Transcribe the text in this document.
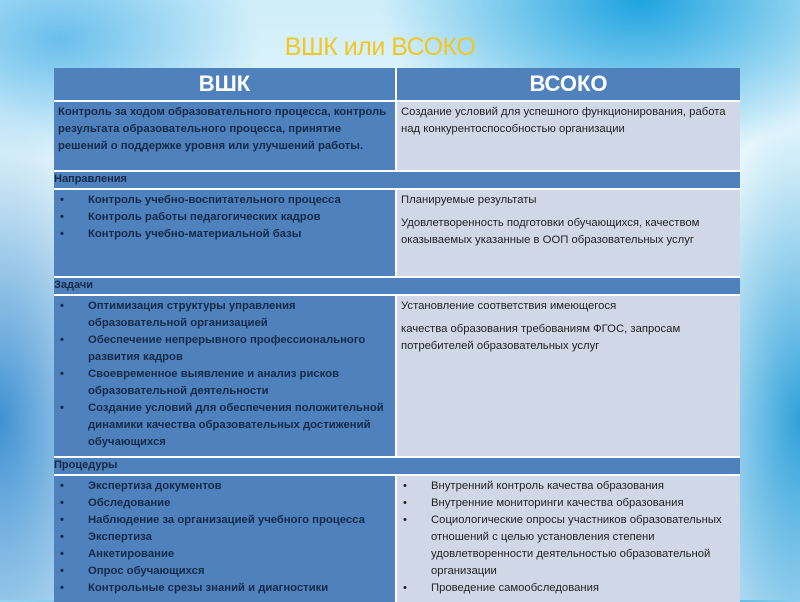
ВШК или ВСОКО
ВШК	ВСОКО
Контроль за ходом образовательного процесса, контроль результата образовательного процесса, принятие решений о поддержке уровня или улучшений работы.
Создание условий для успешного функционирования, работа над конкурентоспособностью организации
Направления
• Контроль учебно-воспитательного процесса
• Контроль работы педагогических кадров
• Контроль учебно-материальной базы

Планируемые результаты

Удовлетворенность подготовки обучающихся, качеством оказываемых указанные в ООП образовательных услуг

Задачи
• Оптимизация структуры управления образовательной организацией
• Обеспечение непрерывного профессионального развития кадров
• Своевременное выявление и анализ рисков образовательной деятельности
• Создание условий для обеспечения положительной динамики качества образовательных достижений обучающихся

Установление соответствия имеющегося

качества образования требованиям ФГОС, запросам потребителей образовательных услуг

Процедуры
• Экспертиза документов
• Обследование
• Наблюдение за организацией учебного процесса
• Экспертиза
• Анкетирование
• Опрос обучающихся
• Контрольные срезы знаний и диагностики
• Внутренний контроль качества образования
• Внутренние мониторинги качества образования
• Социологические опросы участников образовательных отношений с целью установления степени удовлетворенности деятельностью образовательной организации
• Проведение самообследования
